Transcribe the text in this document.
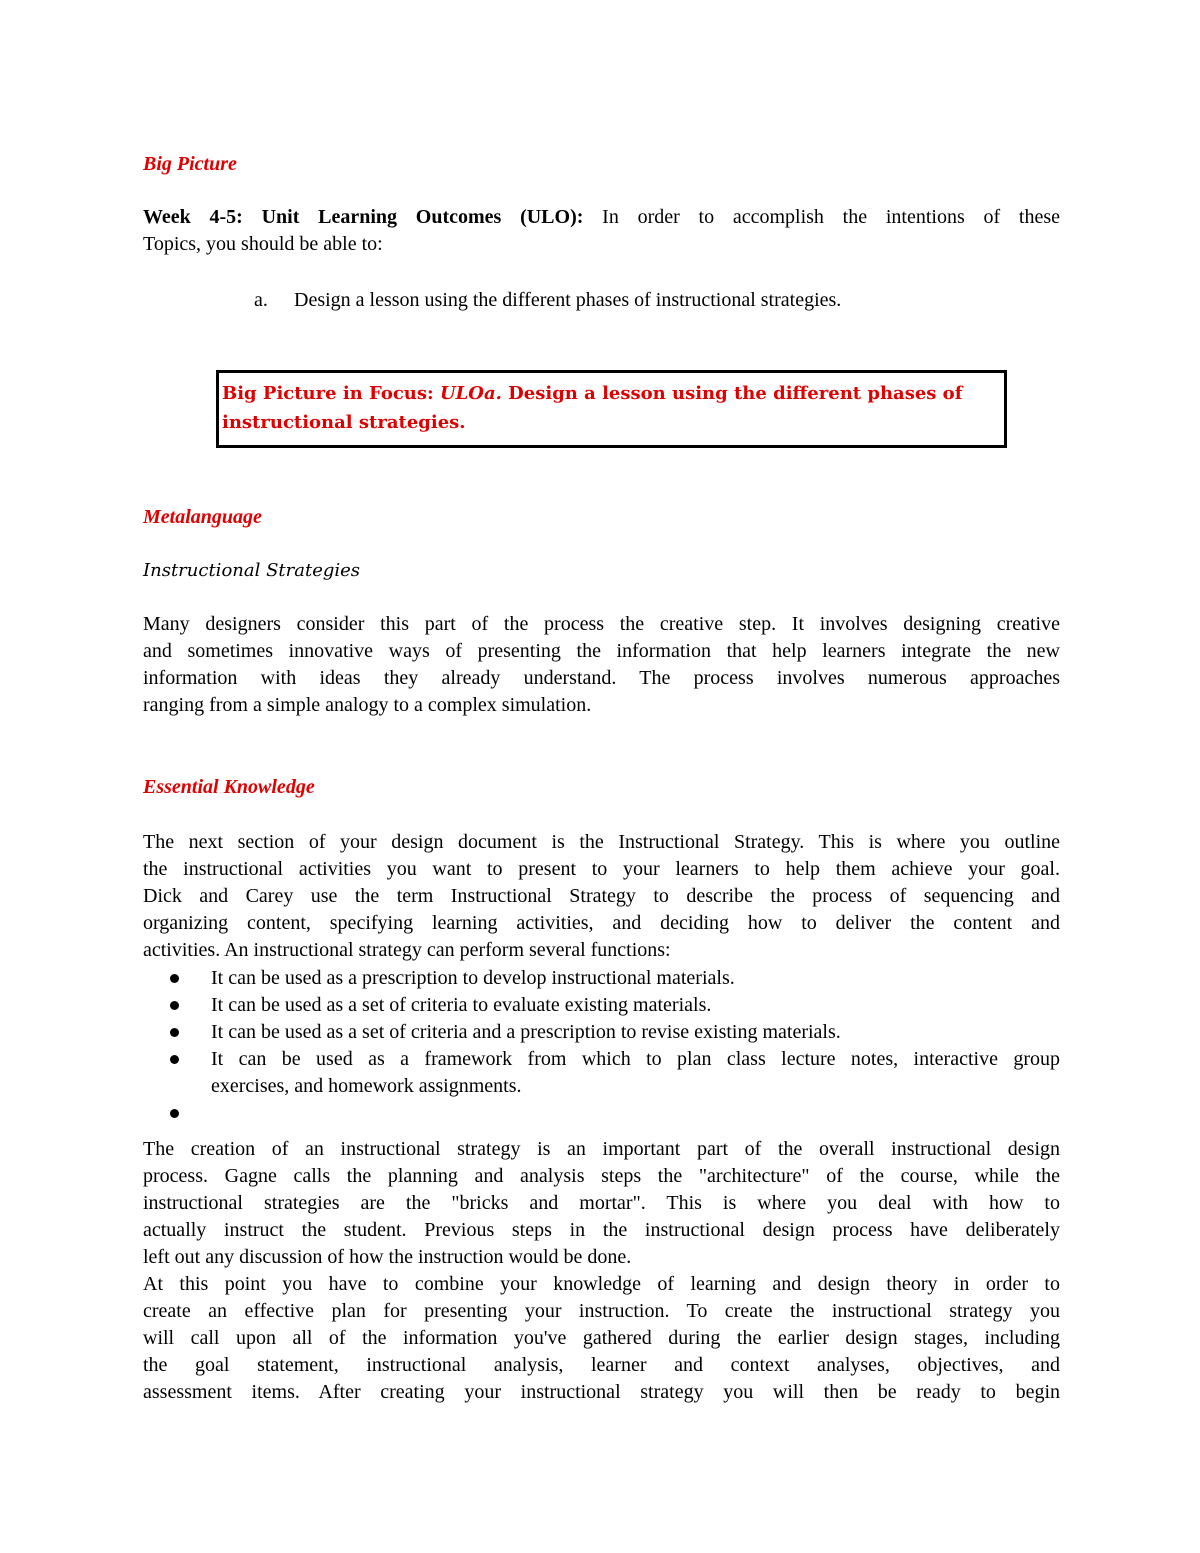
Big Picture
Week 4-5: Unit Learning Outcomes (ULO): In order to accomplish the intentions of these
Topics, you should be able to:
a. Design a lesson using the different phases of instructional strategies.
Big Picture in Focus: ULOa. Design a lesson using the different phases of
instructional strategies.
Metalanguage
Instructional Strategies
Many designers consider this part of the process the creative step. It involves designing creative
and sometimes innovative ways of presenting the information that help learners integrate the new
information with ideas they already understand. The process involves numerous approaches
ranging from a simple analogy to a complex simulation.
Essential Knowledge
The next section of your design document is the Instructional Strategy. This is where you outline
the instructional activities you want to present to your learners to help them achieve your goal.
Dick and Carey use the term Instructional Strategy to describe the process of sequencing and
organizing content, specifying learning activities, and deciding how to deliver the content and
activities. An instructional strategy can perform several functions:
It can be used as a prescription to develop instructional materials.
It can be used as a set of criteria to evaluate existing materials.
It can be used as a set of criteria and a prescription to revise existing materials.
It can be used as a framework from which to plan class lecture notes, interactive group
exercises, and homework assignments.
The creation of an instructional strategy is an important part of the overall instructional design
process. Gagne calls the planning and analysis steps the "architecture" of the course, while the
instructional strategies are the "bricks and mortar". This is where you deal with how to
actually instruct the student. Previous steps in the instructional design process have deliberately
left out any discussion of how the instruction would be done.
At this point you have to combine your knowledge of learning and design theory in order to
create an effective plan for presenting your instruction. To create the instructional strategy you
will call upon all of the information you've gathered during the earlier design stages, including
the goal statement, instructional analysis, learner and context analyses, objectives, and
assessment items. After creating your instructional strategy you will then be ready to begin
